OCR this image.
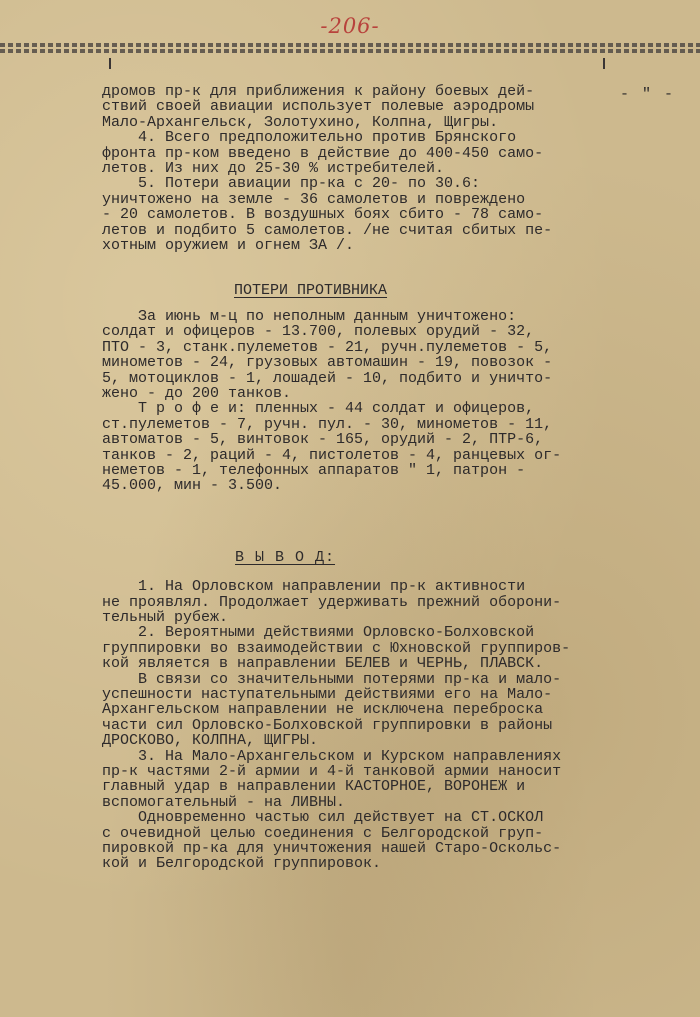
-206-
- " -

дромов пр-к для приближения к району боевых дей-
ствий своей авиации использует полевые аэродромы
Мало-Архангельск, Золотухино, Колпна, Щигры.

4. Всего предположительно против Брянского
фронта пр-ком введено в действие до 400-450 само-
летов. Из них до 25-30 % истребителей.

5. Потери авиации пр-ка с 20- по 30.6:
уничтожено на земле - 36 самолетов и повреждено
- 20 самолетов. В воздушных боях сбито - 78 само-
летов и подбито 5 самолетов. /не считая сбитых пе-
хотным оружием и огнем ЗА /.

ПОТЕРИ ПРОТИВНИКА

За июнь м-ц по неполным данным уничтожено:
солдат и офицеров - 13.700, полевых орудий - 32,
ПТО - 3, станк.пулеметов - 21, ручн.пулеметов - 5,
минометов - 24, грузовых автомашин - 19, повозок -
5, мотоциклов - 1, лошадей - 10, подбито и уничто-
жено - до 200 танков.

Т р о ф е и: пленных - 44 солдат и офицеров,
ст.пулеметов - 7, ручн. пул. - 30, минометов - 11,
автоматов - 5, винтовок - 165, орудий - 2, ПТР-6,
танков - 2, раций - 4, пистолетов - 4, ранцевых ог-
неметов - 1, телефонных аппаратов " 1, патрон -
45.000, мин - 3.500.

В Ы В О Д:

1. На Орловском направлении пр-к активности
не проявлял. Продолжает удерживать прежний оборони-
тельный рубеж.

2. Вероятными действиями Орловско-Болховской
группировки во взаимодействии с Юхновской группиров-
кой является в направлении БЕЛЕВ и ЧЕРНЬ, ПЛАВСК.

В связи со значительными потерями пр-ка и мало-
успешности наступательными действиями его на Мало-
Архангельском направлении не исключена переброска
части сил Орловско-Болховской группировки в районы
ДРОСКОВО, КОЛПНА, ЩИГРЫ.

3. На Мало-Архангельском и Курском направлениях
пр-к частями 2-й армии и 4-й танковой армии наносит
главный удар в направлении КАСТОРНОЕ, ВОРОНЕЖ и
вспомогательный - на ЛИВНЫ.

Одновременно частью сил действует на СТ.ОСКОЛ
с очевидной целью соединения с Белгородской груп-
пировкой пр-ка для уничтожения нашей Старо-Оскольс-
кой и Белгородской группировок.
